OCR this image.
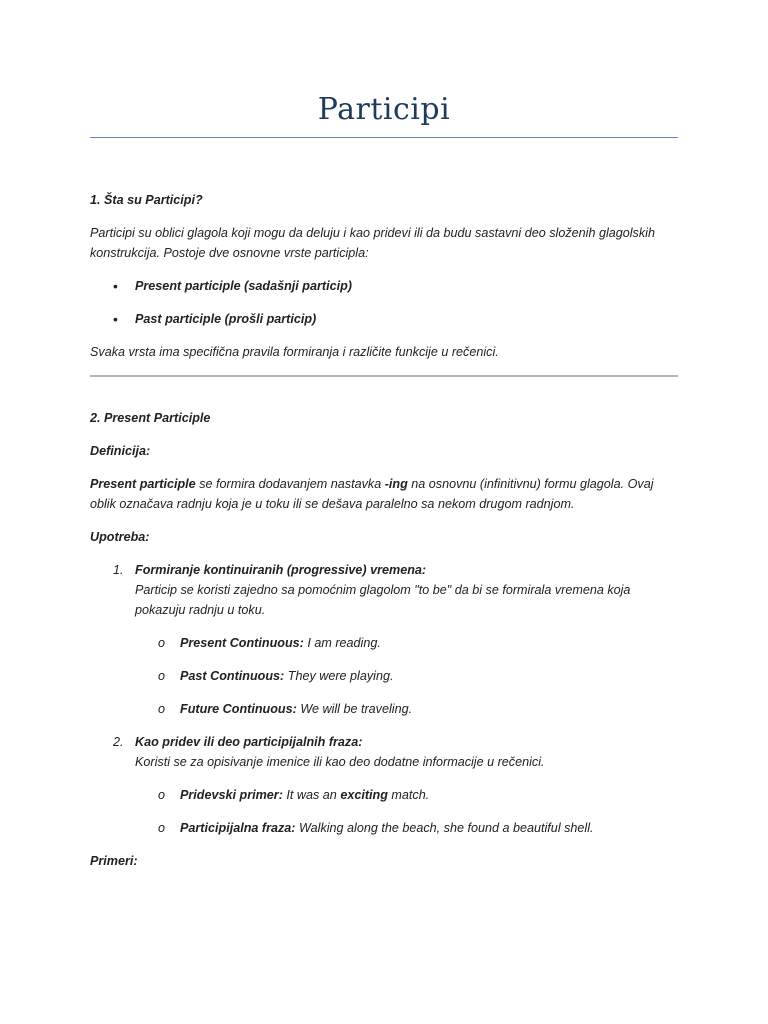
Participi
1. Šta su Participi?
Participi su oblici glagola koji mogu da deluju i kao pridevi ili da budu sastavni deo složenih glagolskih
konstrukcija. Postoje dve osnovne vrste participla:
• Present participle (sadašnji particip)
• Past participle (prošli particip)
Svaka vrsta ima specifična pravila formiranja i različite funkcije u rečenici.
2. Present Participle
Definicija:
Present participle se formira dodavanjem nastavka -ing na osnovnu (infinitivnu) formu glagola. Ovaj
oblik označava radnju koja je u toku ili se dešava paralelno sa nekom drugom radnjom.
Upotreba:
1. Formiranje kontinuiranih (progressive) vremena:
Particip se koristi zajedno sa pomoćnim glagolom "to be" da bi se formirala vremena koja
pokazuju radnju u toku.
o Present Continuous: I am reading.
o Past Continuous: They were playing.
o Future Continuous: We will be traveling.
2. Kao pridev ili deo participijalnih fraza:
Koristi se za opisivanje imenice ili kao deo dodatne informacije u rečenici.
o Pridevski primer: It was an exciting match.
o Participijalna fraza: Walking along the beach, she found a beautiful shell.
Primeri:
